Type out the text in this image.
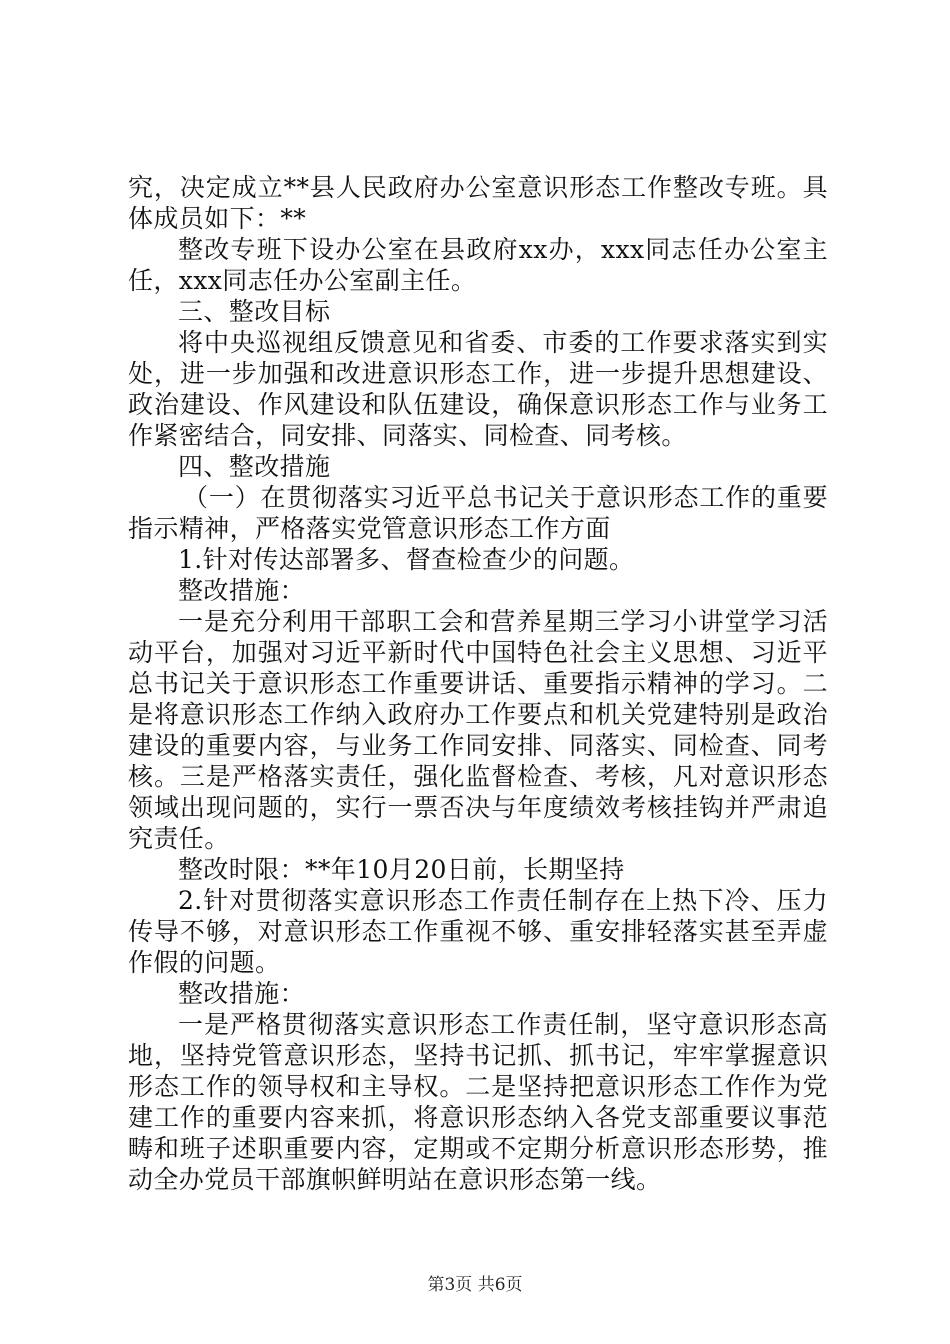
究，决定成立**县人民政府办公室意识形态工作整改专班。具体成员如下：**

整改专班下设办公室在县政府xx办，xxx同志任办公室主任，xxx同志任办公室副主任。

三、整改目标

将中央巡视组反馈意见和省委、市委的工作要求落实到实处，进一步加强和改进意识形态工作，进一步提升思想建设、政治建设、作风建设和队伍建设，确保意识形态工作与业务工作紧密结合，同安排、同落实、同检查、同考核。

四、整改措施

（一）在贯彻落实习近平总书记关于意识形态工作的重要指示精神，严格落实党管意识形态工作方面

1.针对传达部署多、督查检查少的问题。

整改措施：

一是充分利用干部职工会和营养星期三学习小讲堂学习活动平台，加强对习近平新时代中国特色社会主义思想、习近平总书记关于意识形态工作重要讲话、重要指示精神的学习。二是将意识形态工作纳入政府办工作要点和机关党建特别是政治建设的重要内容，与业务工作同安排、同落实、同检查、同考核。三是严格落实责任，强化监督检查、考核，凡对意识形态领域出现问题的，实行一票否决与年度绩效考核挂钩并严肃追究责任。

整改时限：**年10月20日前，长期坚持

2.针对贯彻落实意识形态工作责任制存在上热下冷、压力传导不够，对意识形态工作重视不够、重安排轻落实甚至弄虚作假的问题。

整改措施：

一是严格贯彻落实意识形态工作责任制，坚守意识形态高地，坚持党管意识形态，坚持书记抓、抓书记，牢牢掌握意识形态工作的领导权和主导权。二是坚持把意识形态工作作为党建工作的重要内容来抓，将意识形态纳入各党支部重要议事范畴和班子述职重要内容，定期或不定期分析意识形态形势，推动全办党员干部旗帜鲜明站在意识形态第一线。

第3页 共6页
